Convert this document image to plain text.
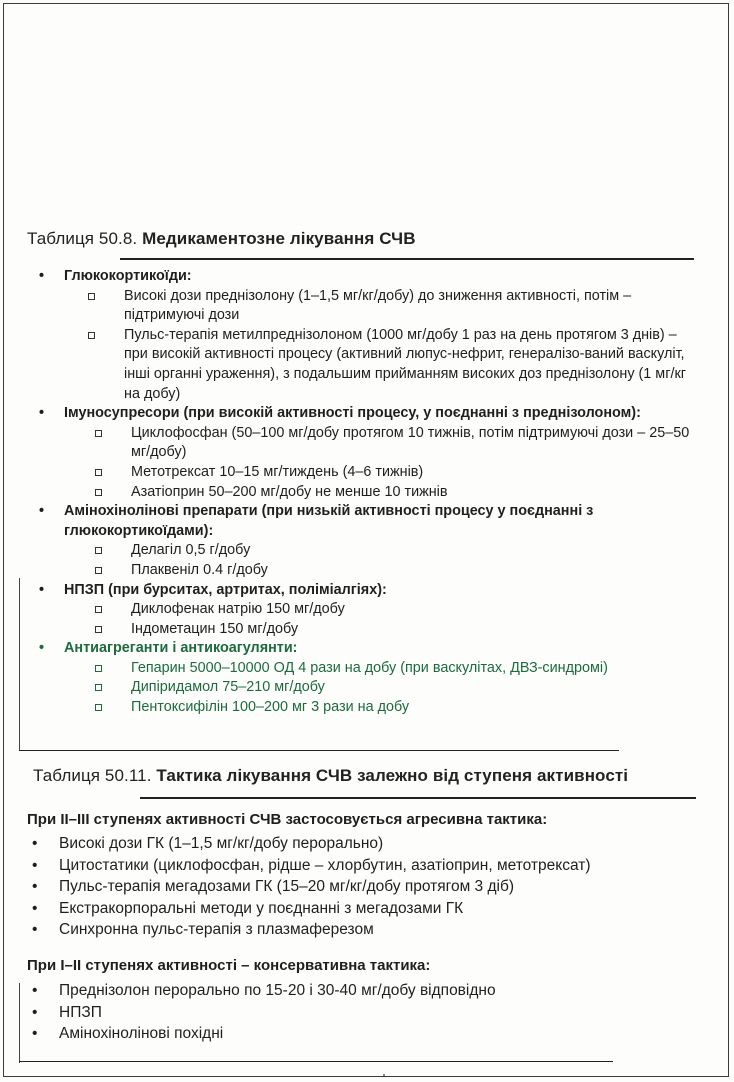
Таблиця 50.8. Медикаментозне лікування СЧВ
• Глюкокортикоїди:
Високі дози преднізолону (1–1,5 мг/кг/добу) до зниження активності, потім – підтримуючі дози
Пульс-терапія метилпреднізолоном (1000 мг/добу 1 раз на день протягом 3 днів) – при високій активності процесу (активний люпус-нефрит, генералізо-ваний васкуліт, інші органні ураження), з подальшим прийманням високих доз преднізолону (1 мг/кг на добу)
• Імуносупресори (при високій активності процесу, у поєднанні з преднізолоном):
Циклофосфан (50–100 мг/добу протягом 10 тижнів, потім підтримуючі дози – 25–50 мг/добу)
Метотрексат 10–15 мг/тиждень (4–6 тижнів)
Азатіоприн 50–200 мг/добу не менше 10 тижнів
• Амінохінолінові препарати (при низькій активності процесу у поєднанні з глюкокортикоїдами):
Делагіл 0,5 г/добу
Плаквеніл 0.4 г/добу
• НПЗП (при бурситах, артритах, поліміалгіях):
Диклофенак натрію 150 мг/добу
Індометацин 150 мг/добу
• Антиагреганти і антикоагулянти:
Гепарин 5000–10000 ОД 4 рази на добу (при васкулітах, ДВЗ-синдромі)
Дипіридамол 75–210 мг/добу
Пентоксифілін 100–200 мг 3 рази на добу
Таблиця 50.11. Тактика лікування СЧВ залежно від ступеня активності
При ІІ–ІІІ ступенях активності СЧВ застосовується агресивна тактика:
• Високі дози ГК (1–1,5 мг/кг/добу перорально)
• Цитостатики (циклофосфан, рідше – хлорбутин, азатіоприн, метотрексат)
• Пульс-терапія мегадозами ГК (15–20 мг/кг/добу протягом 3 діб)
• Екстракорпоральні методи у поєднанні з мегадозами ГК
• Синхронна пульс-терапія з плазмаферезом
При І–ІІ ступенях активності – консервативна тактика:
• Преднізолон перорально по 15-20 і 30-40 мг/добу відповідно
• НПЗП
• Амінохінолінові похідні
